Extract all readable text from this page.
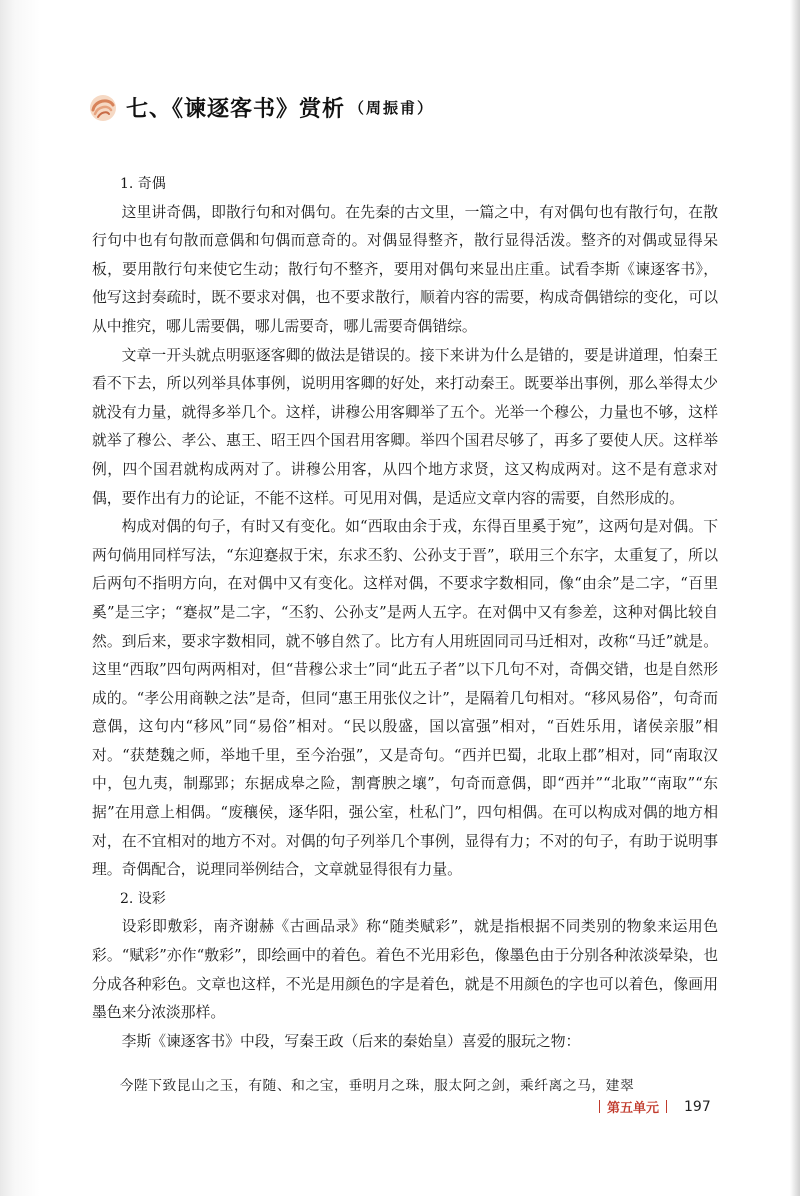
七、《谏逐客书》赏析 （周振甫）

1. 奇偶

这里讲奇偶，即散行句和对偶句。在先秦的古文里，一篇之中，有对偶句也有散行句，在散行句中也有句散而意偶和句偶而意奇的。对偶显得整齐，散行显得活泼。整齐的对偶或显得呆板，要用散行句来使它生动；散行句不整齐，要用对偶句来显出庄重。试看李斯《谏逐客书》，他写这封奏疏时，既不要求对偶，也不要求散行，顺着内容的需要，构成奇偶错综的变化，可以从中推究，哪儿需要偶，哪儿需要奇，哪儿需要奇偶错综。

文章一开头就点明驱逐客卿的做法是错误的。接下来讲为什么是错的，要是讲道理，怕秦王看不下去，所以列举具体事例，说明用客卿的好处，来打动秦王。既要举出事例，那么举得太少就没有力量，就得多举几个。这样，讲穆公用客卿举了五个。光举一个穆公，力量也不够，这样就举了穆公、孝公、惠王、昭王四个国君用客卿。举四个国君尽够了，再多了要使人厌。这样举例，四个国君就构成两对了。讲穆公用客，从四个地方求贤，这又构成两对。这不是有意求对偶，要作出有力的论证，不能不这样。可见用对偶，是适应文章内容的需要，自然形成的。

构成对偶的句子，有时又有变化。如“西取由余于戎，东得百里奚于宛”，这两句是对偶。下两句倘用同样写法，“东迎蹇叔于宋，东求丕豹、公孙支于晋”，联用三个东字，太重复了，所以后两句不指明方向，在对偶中又有变化。这样对偶，不要求字数相同，像“由余”是二字，“百里奚”是三字；“蹇叔”是二字，“丕豹、公孙支”是两人五字。在对偶中又有参差，这种对偶比较自然。到后来，要求字数相同，就不够自然了。比方有人用班固同司马迁相对，改称“马迁”就是。这里“西取”四句两两相对，但“昔穆公求士”同“此五子者”以下几句不对，奇偶交错，也是自然形成的。“孝公用商鞅之法”是奇，但同“惠王用张仪之计”，是隔着几句相对。“移风易俗”，句奇而意偶，这句内“移风”同“易俗”相对。“民以殷盛，国以富强”相对，“百姓乐用，诸侯亲服”相对。“获楚魏之师，举地千里，至今治强”，又是奇句。“西并巴蜀，北取上郡”相对，同“南取汉中，包九夷，制鄢郢；东据成皋之险，割膏腴之壤”，句奇而意偶，即“西并”“北取”“南取”“东据”在用意上相偶。“废穰侯，逐华阳，强公室，杜私门”，四句相偶。在可以构成对偶的地方相对，在不宜相对的地方不对。对偶的句子列举几个事例，显得有力；不对的句子，有助于说明事理。奇偶配合，说理同举例结合，文章就显得很有力量。

2. 设彩

设彩即敷彩，南齐谢赫《古画品录》称“随类赋彩”，就是指根据不同类别的物象来运用色彩。“赋彩”亦作“敷彩”，即绘画中的着色。着色不光用彩色，像墨色由于分别各种浓淡晕染，也分成各种彩色。文章也这样，不光是用颜色的字是着色，就是不用颜色的字也可以着色，像画用墨色来分浓淡那样。

李斯《谏逐客书》中段，写秦王政（后来的秦始皇）喜爱的服玩之物：

今陛下致昆山之玉，有随、和之宝，垂明月之珠，服太阿之剑，乘纤离之马，建翠

第五单元 197
